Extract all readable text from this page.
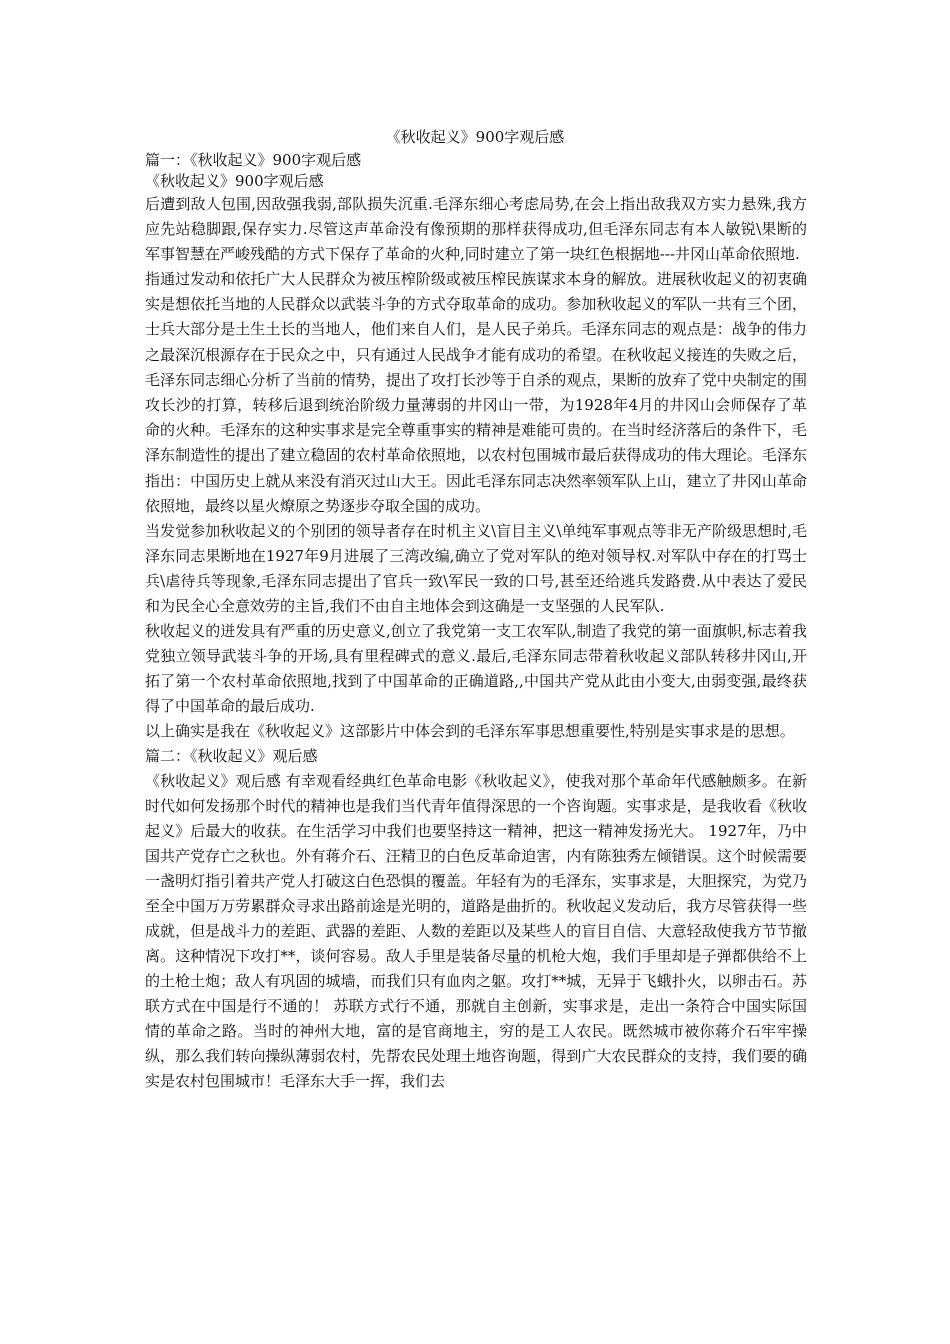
《秋收起义》900字观后感
篇一：《秋收起义》900字观后感
《秋收起义》900字观后感

后遭到敌人包围,因敌强我弱,部队损失沉重.毛泽东细心考虑局势,在会上指出敌我双方实力悬殊,我方应先站稳脚跟,保存实力.尽管这声革命没有像预期的那样获得成功,但毛泽东同志有本人敏锐\果断的军事智慧在严峻残酷的方式下保存了革命的火种,同时建立了第一块红色根据地---井冈山革命依照地.

指通过发动和依托广大人民群众为被压榨阶级或被压榨民族谋求本身的解放。进展秋收起义的初衷确实是想依托当地的人民群众以武装斗争的方式夺取革命的成功。参加秋收起义的军队一共有三个团，士兵大部分是土生土长的当地人，他们来自人们，是人民子弟兵。毛泽东同志的观点是：战争的伟力之最深沉根源存在于民众之中，只有通过人民战争才能有成功的希望。在秋收起义接连的失败之后，毛泽东同志细心分析了当前的情势，提出了攻打长沙等于自杀的观点，果断的放弃了党中央制定的围攻长沙的打算，转移后退到统治阶级力量薄弱的井冈山一带，为1928年4月的井冈山会师保存了革命的火种。毛泽东的这种实事求是完全尊重事实的精神是难能可贵的。在当时经济落后的条件下，毛泽东制造性的提出了建立稳固的农村革命依照地，以农村包围城市最后获得成功的伟大理论。毛泽东指出：中国历史上就从来没有消灭过山大王。因此毛泽东同志决然率领军队上山，建立了井冈山革命依照地，最终以星火燎原之势逐步夺取全国的成功。

当发觉参加秋收起义的个别团的领导者存在时机主义\盲目主义\单纯军事观点等非无产阶级思想时,毛泽东同志果断地在1927年9月进展了三湾改编,确立了党对军队的绝对领导权.对军队中存在的打骂士兵\虐待兵等现象,毛泽东同志提出了官兵一致\军民一致的口号,甚至还给逃兵发路费.从中表达了爱民和为民全心全意效劳的主旨,我们不由自主地体会到这确是一支坚强的人民军队.

秋收起义的迸发具有严重的历史意义,创立了我党第一支工农军队,制造了我党的第一面旗帜,标志着我党独立领导武装斗争的开场,具有里程碑式的意义.最后,毛泽东同志带着秋收起义部队转移井冈山,开拓了第一个农村革命依照地,找到了中国革命的正确道路,,中国共产党从此由小变大,由弱变强,最终获得了中国革命的最后成功.

以上确实是我在《秋收起义》这部影片中体会到的毛泽东军事思想重要性,特别是实事求是的思想。

篇二：《秋收起义》观后感

《秋收起义》观后感 有幸观看经典红色革命电影《秋收起义》，使我对那个革命年代感触颇多。在新时代如何发扬那个时代的精神也是我们当代青年值得深思的一个咨询题。实事求是，是我收看《秋收起义》后最大的收获。在生活学习中我们也要坚持这一精神，把这一精神发扬光大。 1927年，乃中国共产党存亡之秋也。外有蒋介石、汪精卫的白色反革命迫害，内有陈独秀左倾错误。这个时候需要一盏明灯指引着共产党人打破这白色恐惧的覆盖。年轻有为的毛泽东，实事求是，大胆探究，为党乃至全中国万万劳累群众寻求出路前途是光明的，道路是曲折的。秋收起义发动后，我方尽管获得一些成就，但是战斗力的差距、武器的差距、人数的差距以及某些人的盲目自信、大意轻敌使我方节节撤离。这种情况下攻打**，谈何容易。敌人手里是装备尽量的机枪大炮，我们手里却是子弹都供给不上的土枪土炮；敌人有巩固的城墙，而我们只有血肉之躯。攻打**城，无异于飞蛾扑火，以卵击石。苏联方式在中国是行不通的！ 苏联方式行不通，那就自主创新，实事求是，走出一条符合中国实际国情的革命之路。当时的神州大地，富的是官商地主，穷的是工人农民。既然城市被你蒋介石牢牢操纵，那么我们转向操纵薄弱农村，先帮农民处理土地咨询题，得到广大农民群众的支持，我们要的确实是农村包围城市！毛泽东大手一挥，我们去
